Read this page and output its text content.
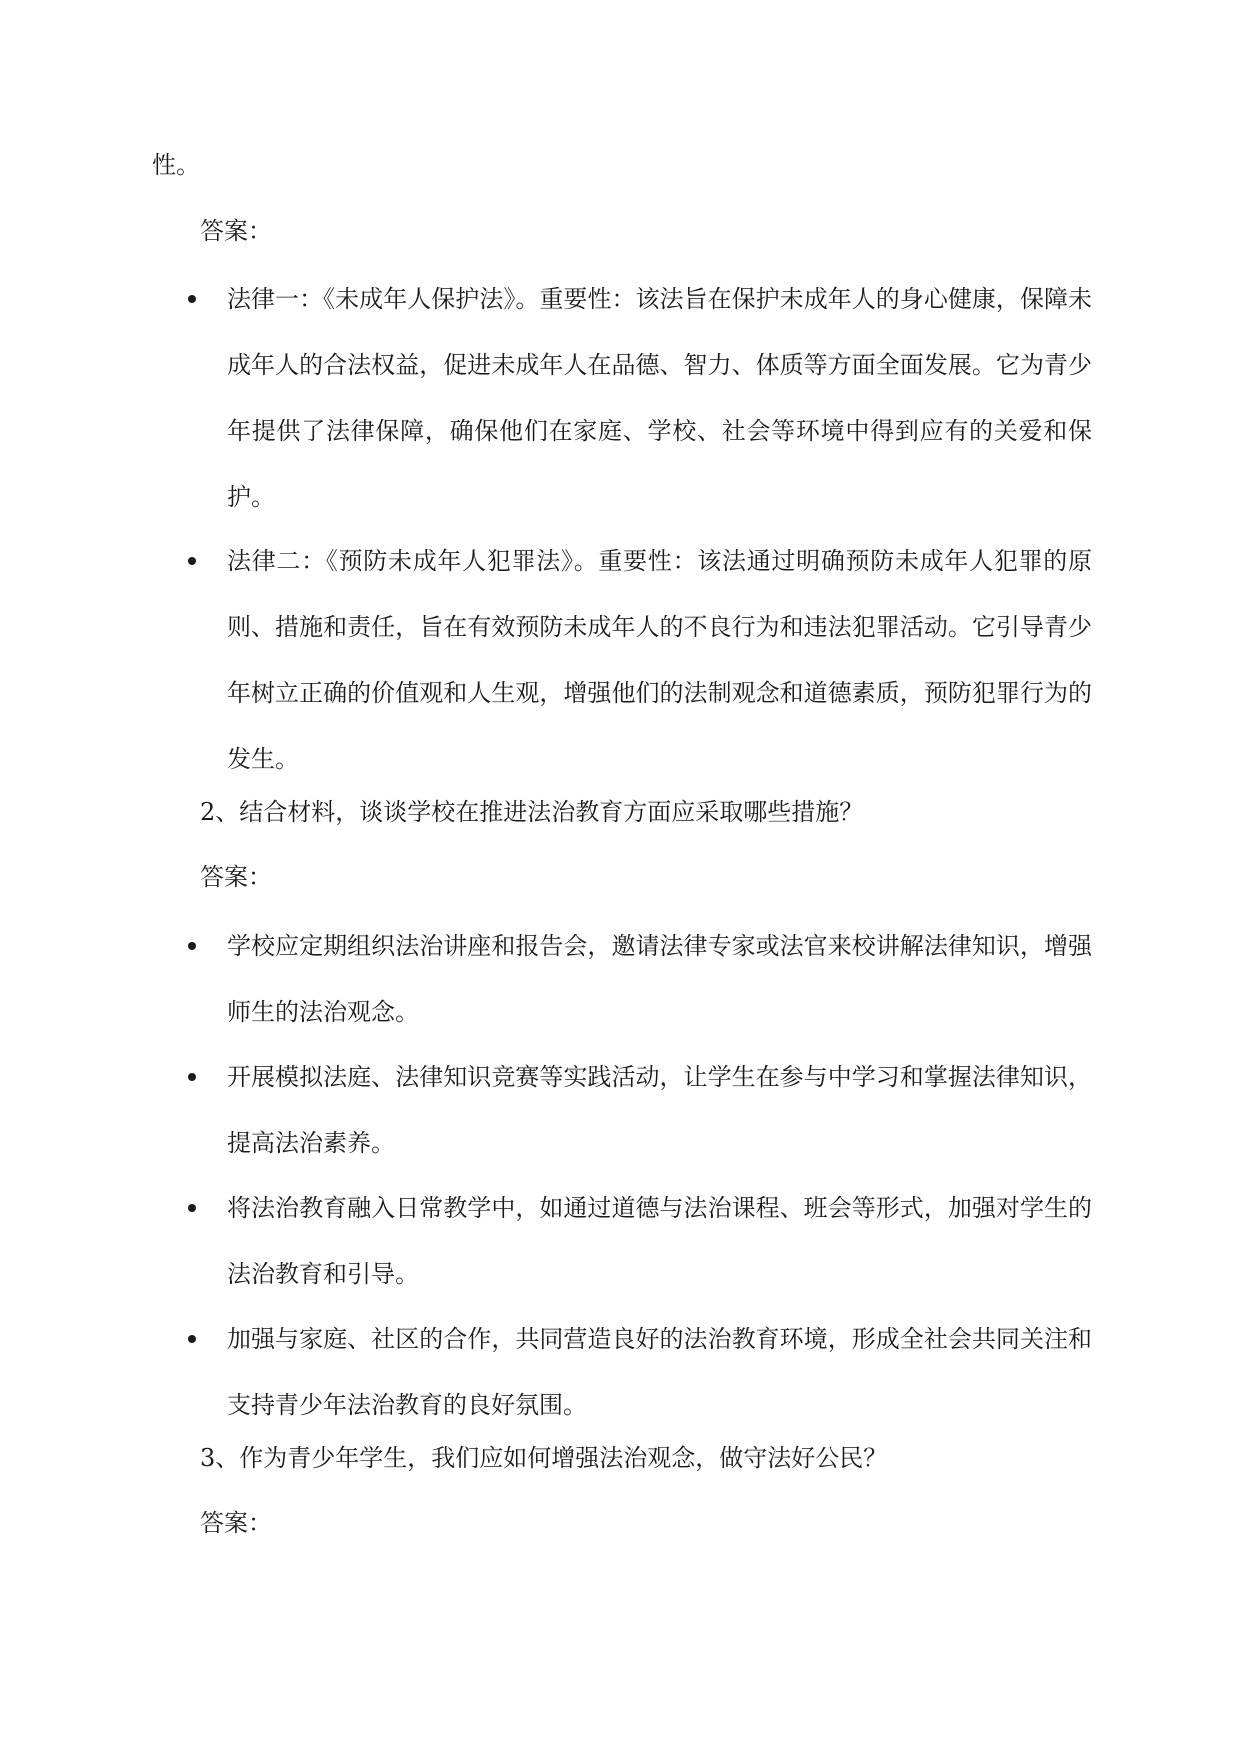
性。
答案：
法律一：《未成年人保护法》。重要性：该法旨在保护未成年人的身心健康，保障未成年人的合法权益，促进未成年人在品德、智力、体质等方面全面发展。它为青少年提供了法律保障，确保他们在家庭、学校、社会等环境中得到应有的关爱和保护。
法律二：《预防未成年人犯罪法》。重要性：该法通过明确预防未成年人犯罪的原则、措施和责任，旨在有效预防未成年人的不良行为和违法犯罪活动。它引导青少年树立正确的价值观和人生观，增强他们的法制观念和道德素质，预防犯罪行为的发生。
2、结合材料，谈谈学校在推进法治教育方面应采取哪些措施？
答案：
学校应定期组织法治讲座和报告会，邀请法律专家或法官来校讲解法律知识，增强师生的法治观念。
开展模拟法庭、法律知识竞赛等实践活动，让学生在参与中学习和掌握法律知识，提高法治素养。
将法治教育融入日常教学中，如通过道德与法治课程、班会等形式，加强对学生的法治教育和引导。
加强与家庭、社区的合作，共同营造良好的法治教育环境，形成全社会共同关注和支持青少年法治教育的良好氛围。
3、作为青少年学生，我们应如何增强法治观念，做守法好公民？
答案：
